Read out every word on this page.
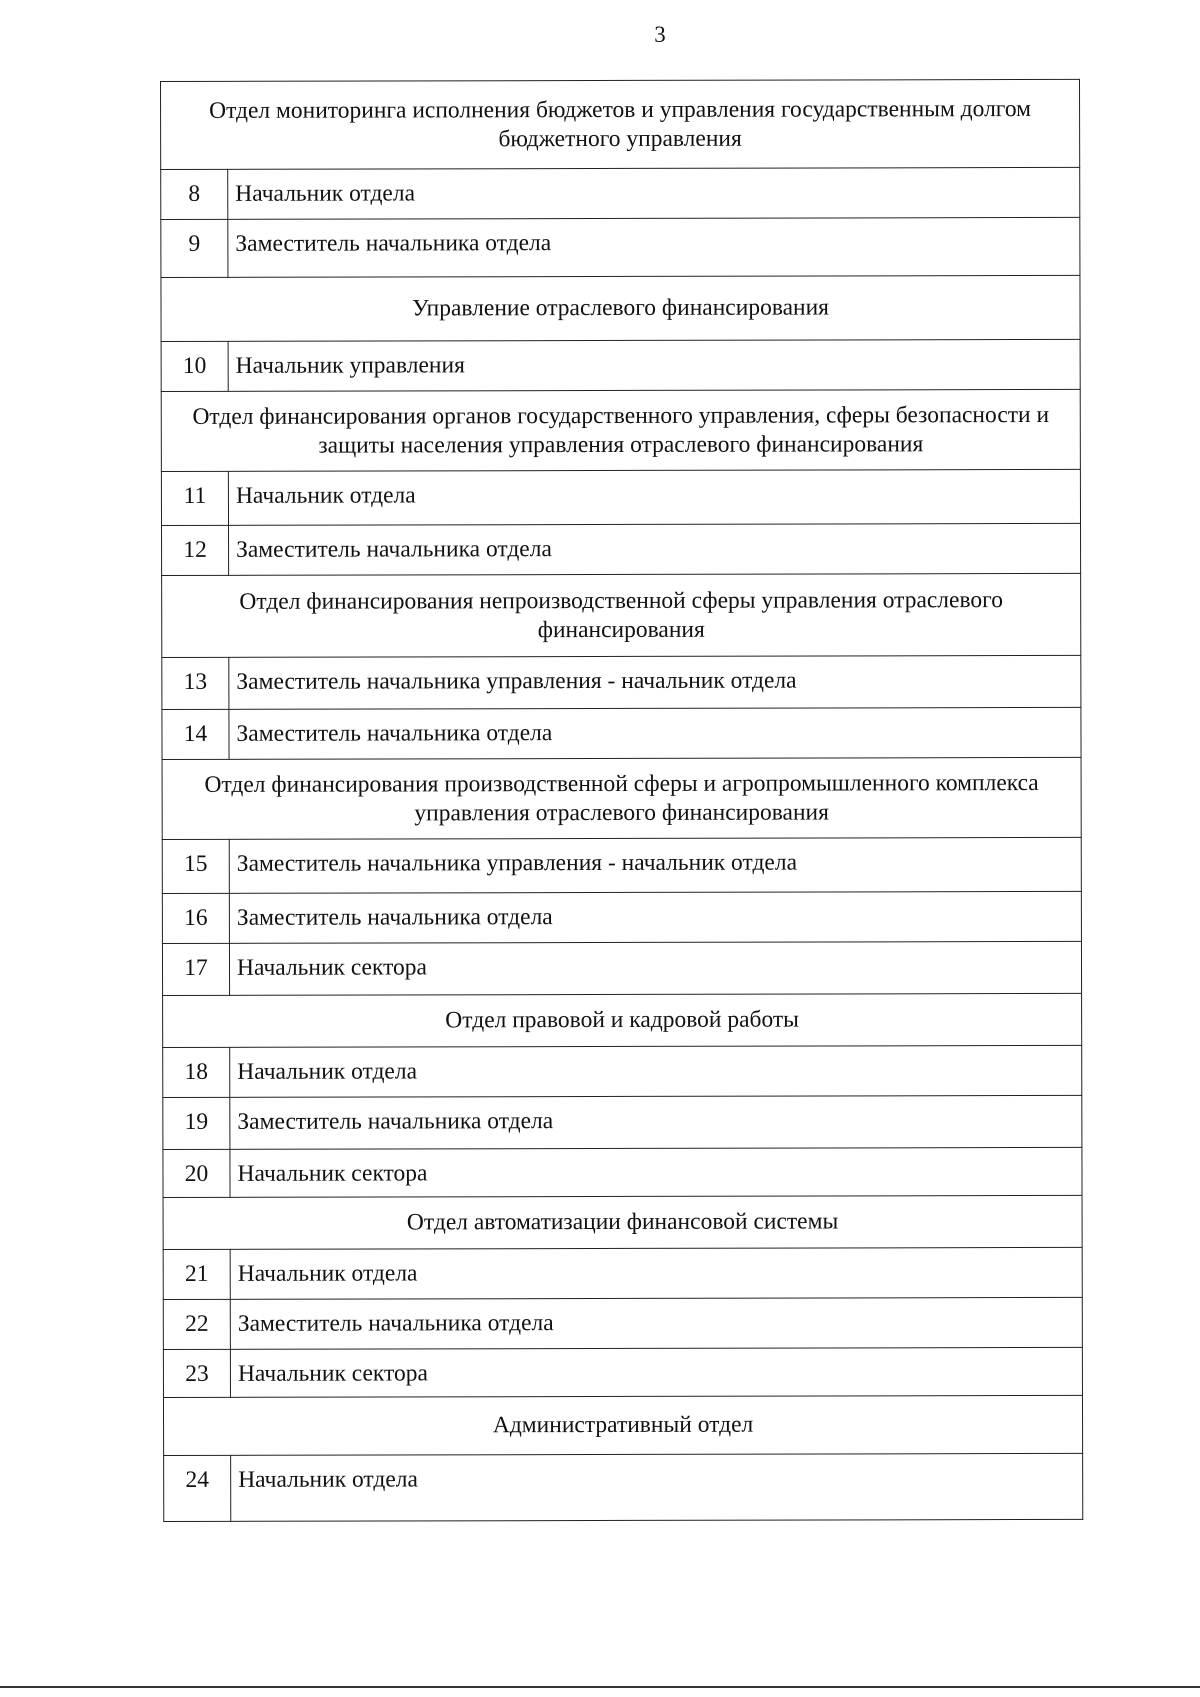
3
Отдел мониторинга исполнения бюджетов и управления государственным долгом бюджетного управления	
8	Начальник отдела
9	Заместитель начальника отдела
Управление отраслевого финансирования	
10	Начальник управления
Отдел финансирования органов государственного управления, сферы безопасности и защиты населения управления отраслевого финансирования	
11	Начальник отдела
12	Заместитель начальника отдела
Отдел финансирования непроизводственной сферы управления отраслевого финансирования	
13	Заместитель начальника управления - начальник отдела
14	Заместитель начальника отдела
Отдел финансирования производственной сферы и агропромышленного комплекса управления отраслевого финансирования	
15	Заместитель начальника управления - начальник отдела
16	Заместитель начальника отдела
17	Начальник сектора
Отдел правовой и кадровой работы	
18	Начальник отдела
19	Заместитель начальника отдела
20	Начальник сектора
Отдел автоматизации финансовой системы	
21	Начальник отдела
22	Заместитель начальника отдела
23	Начальник сектора
Административный отдел	
24	Начальник отдела
